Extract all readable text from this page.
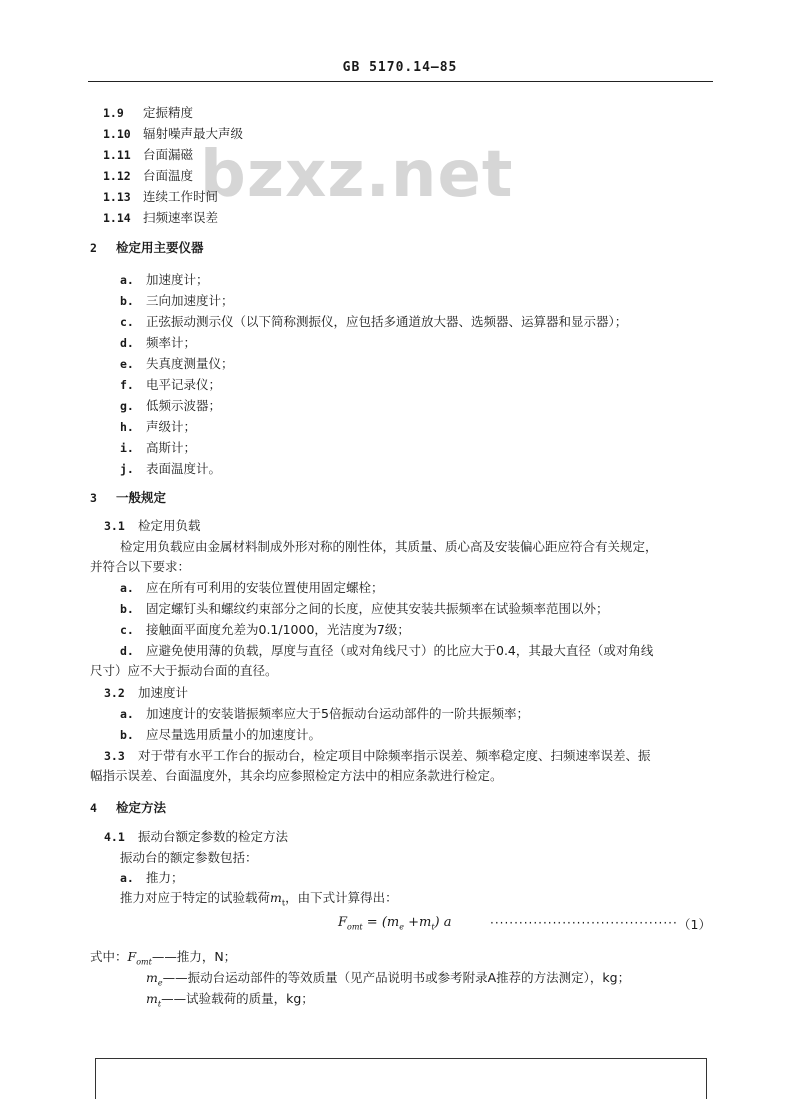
GB 5170.14—85
bzxz.net
1.9 定振精度
1.10 辐射噪声最大声级
1.11 台面漏磁
1.12 台面温度
1.13 连续工作时间
1.14 扫频速率误差
2 检定用主要仪器
a. 加速度计；
b. 三向加速度计；
c. 正弦振动测示仪（以下简称测振仪，应包括多通道放大器、选频器、运算器和显示器）；
d. 频率计；
e. 失真度测量仪；
f. 电平记录仪；
g. 低频示波器；
h. 声级计；
i. 高斯计；
j. 表面温度计。
3 一般规定
3.1 检定用负载
检定用负载应由金属材料制成外形对称的刚性体，其质量、质心高及安装偏心距应符合有关规定，
并符合以下要求：
a. 应在所有可利用的安装位置使用固定螺栓；
b. 固定螺钉头和螺纹约束部分之间的长度，应使其安装共振频率在试验频率范围以外；
c. 接触面平面度允差为0.1/1000，光洁度为7级；
d. 应避免使用薄的负载，厚度与直径（或对角线尺寸）的比应大于0.4，其最大直径（或对角线
尺寸）应不大于振动台面的直径。
3.2 加速度计
a. 加速度计的安装谐振频率应大于5倍振动台运动部件的一阶共振频率；
b. 应尽量选用质量小的加速度计。
3.3 对于带有水平工作台的振动台，检定项目中除频率指示误差、频率稳定度、扫频速率误差、振
幅指示误差、台面温度外，其余均应参照检定方法中的相应条款进行检定。
4 检定方法
4.1 振动台额定参数的检定方法
振动台的额定参数包括：
a. 推力；
推力对应于特定的试验载荷$m_t$，由下式计算得出：
$F_{omt} = (m_e +m_t)$ a	······································· （1）
式中：$F_{omt}——$推力，N；
$m_e——$振动台运动部件的等效质量（见产品说明书或参考附录A推荐的方法测定），kg；
$m_t——$试验载荷的质量，kg；
